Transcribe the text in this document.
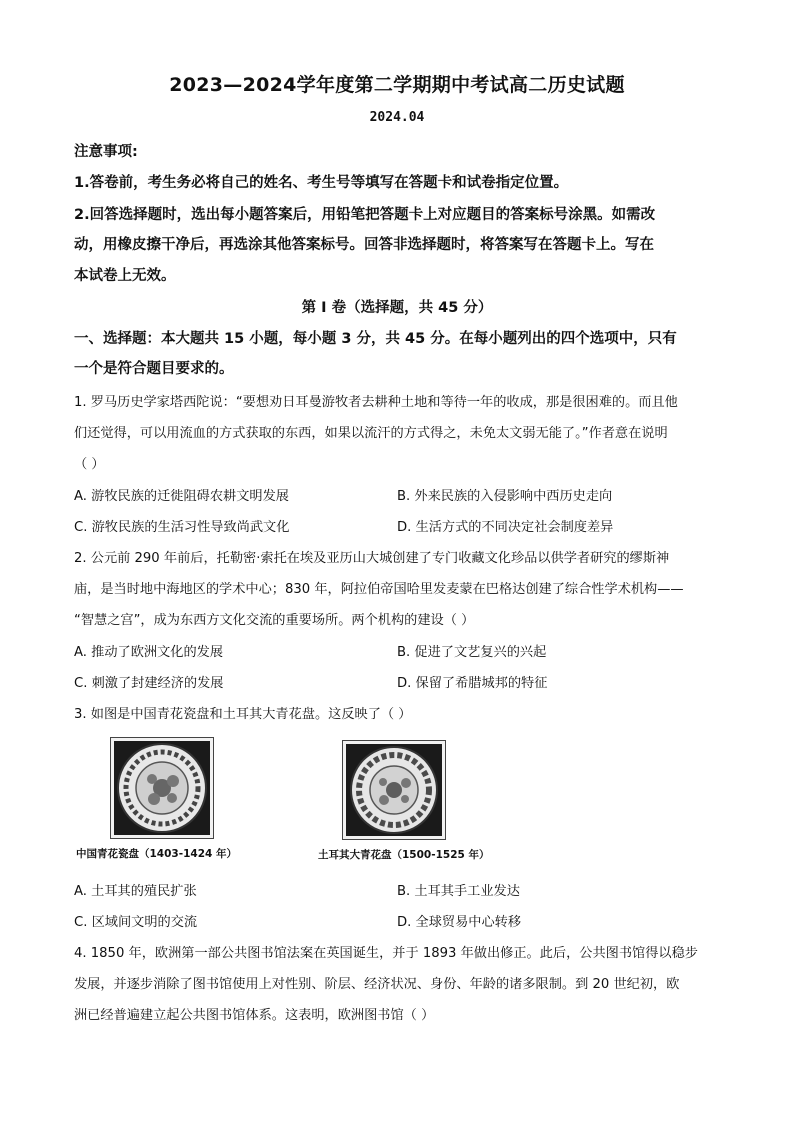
2023—2024学年度第二学期期中考试高二历史试题
2024.04
注意事项:
1.答卷前，考生务必将自己的姓名、考生号等填写在答题卡和试卷指定位置。
2.回答选择题时，选出每小题答案后，用铅笔把答题卡上对应题目的答案标号涂黑。如需改
动，用橡皮擦干净后，再选涂其他答案标号。回答非选择题时，将答案写在答题卡上。写在
本试卷上无效。
第 I 卷（选择题，共 45 分）
一、选择题：本大题共 15 小题，每小题 3 分，共 45 分。在每小题列出的四个选项中，只有
一个是符合题目要求的。
1. 罗马历史学家塔西陀说：“要想劝日耳曼游牧者去耕种土地和等待一年的收成，那是很困难的。而且他
们还觉得，可以用流血的方式获取的东西，如果以流汗的方式得之，未免太文弱无能了。”作者意在说明
（ ）
A. 游牧民族的迁徙阻碍农耕文明发展	B. 外来民族的入侵影响中西历史走向
C. 游牧民族的生活习性导致尚武文化	D. 生活方式的不同决定社会制度差异
2. 公元前 290 年前后，托勒密·索托在埃及亚历山大城创建了专门收藏文化珍品以供学者研究的缪斯神
庙，是当时地中海地区的学术中心；830 年，阿拉伯帝国哈里发麦蒙在巴格达创建了综合性学术机构——
“智慧之宫”，成为东西方文化交流的重要场所。两个机构的建设（ ）
A. 推动了欧洲文化的发展	B. 促进了文艺复兴的兴起
C. 刺激了封建经济的发展	D. 保留了希腊城邦的特征
3. 如图是中国青花瓷盘和土耳其大青花盘。这反映了（ ）
中国青花瓷盘（1403-1424 年）	土耳其大青花盘（1500-1525 年）
A. 土耳其的殖民扩张	B. 土耳其手工业发达
C. 区域间文明的交流	D. 全球贸易中心转移
4. 1850 年，欧洲第一部公共图书馆法案在英国诞生，并于 1893 年做出修正。此后，公共图书馆得以稳步
发展，并逐步消除了图书馆使用上对性别、阶层、经济状况、身份、年龄的诸多限制。到 20 世纪初，欧
洲已经普遍建立起公共图书馆体系。这表明，欧洲图书馆（ ）
